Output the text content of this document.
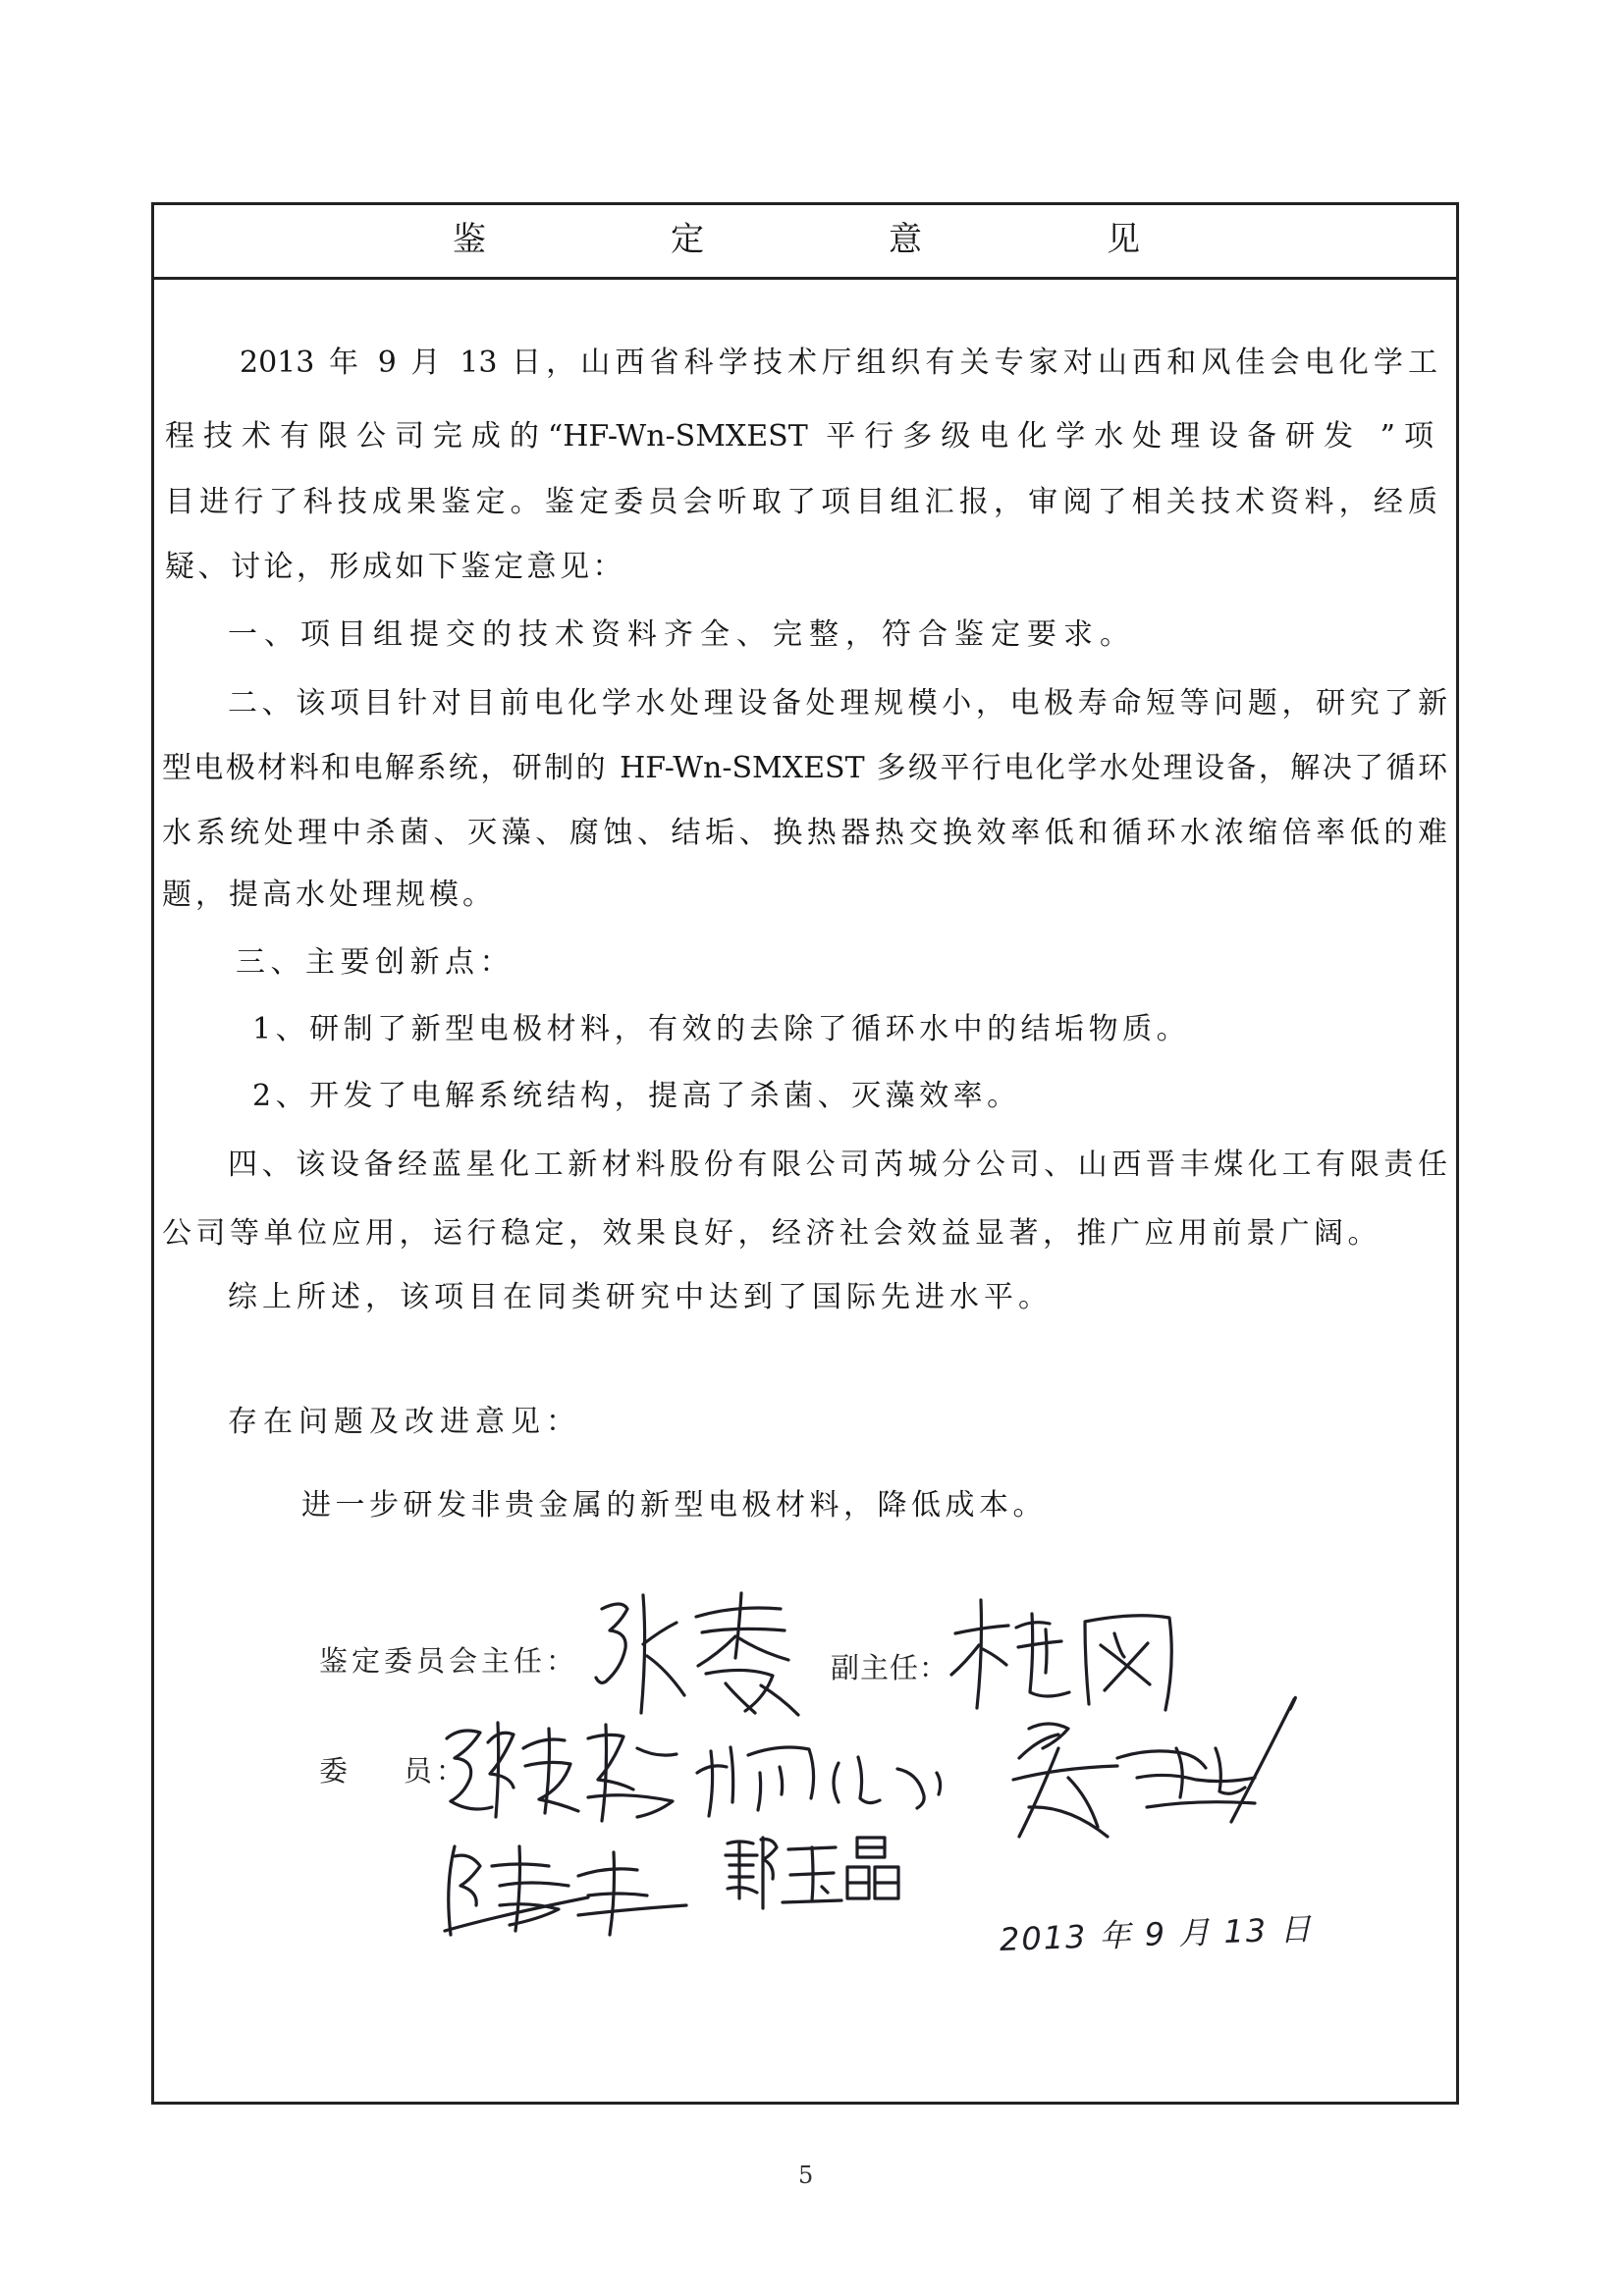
鉴定意见
2013 年 9 月 13 日，山西省科学技术厅组织有关专家对山西和风佳会电化学工
程技术有限公司完成的“HF-Wn-SMXEST 平行多级电化学水处理设备研发 ”项
目进行了科技成果鉴定。鉴定委员会听取了项目组汇报，审阅了相关技术资料，经质
疑、讨论，形成如下鉴定意见：
一、项目组提交的技术资料齐全、完整，符合鉴定要求。
二、该项目针对目前电化学水处理设备处理规模小，电极寿命短等问题，研究了新
型电极材料和电解系统，研制的 HF-Wn-SMXEST 多级平行电化学水处理设备，解决了循环
水系统处理中杀菌、灭藻、腐蚀、结垢、换热器热交换效率低和循环水浓缩倍率低的难
题，提高水处理规模。
三、主要创新点：
1、研制了新型电极材料，有效的去除了循环水中的结垢物质。
2、开发了电解系统结构，提高了杀菌、灭藻效率。
四、该设备经蓝星化工新材料股份有限公司芮城分公司、山西晋丰煤化工有限责任
公司等单位应用，运行稳定，效果良好，经济社会效益显著，推广应用前景广阔。
综上所述，该项目在同类研究中达到了国际先进水平。
存在问题及改进意见：
进一步研发非贵金属的新型电极材料，降低成本。
鉴定委员会主任：	副主任：
委    员：
2013 年 9 月 13 日
5
